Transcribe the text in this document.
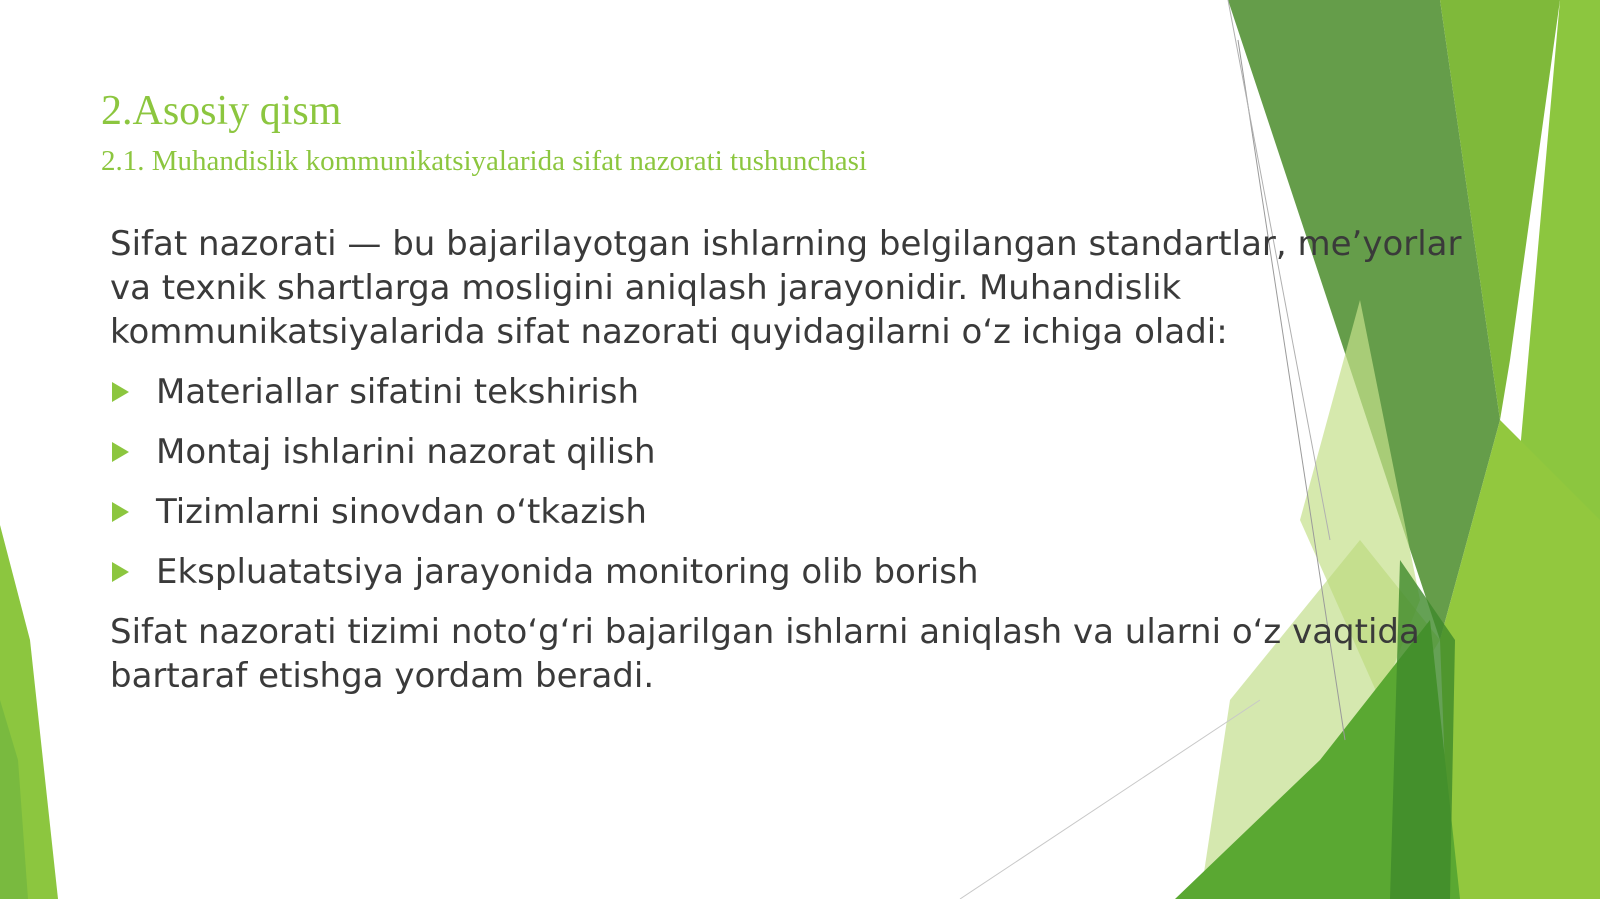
2.Asosiy qism
2.1. Muhandislik kommunikatsiyalarida sifat nazorati tushunchasi

Sifat nazorati — bu bajarilayotgan ishlarning belgilangan standartlar, me’yorlar va texnik shartlarga mosligini aniqlash jarayonidir. Muhandislik kommunikatsiyalarida sifat nazorati quyidagilarni o‘z ichiga oladi:

Materiallar sifatini tekshirish
Montaj ishlarini nazorat qilish
Tizimlarni sinovdan o‘tkazish
Ekspluatatsiya jarayonida monitoring olib borish

Sifat nazorati tizimi noto‘g‘ri bajarilgan ishlarni aniqlash va ularni o‘z vaqtida bartaraf etishga yordam beradi.
